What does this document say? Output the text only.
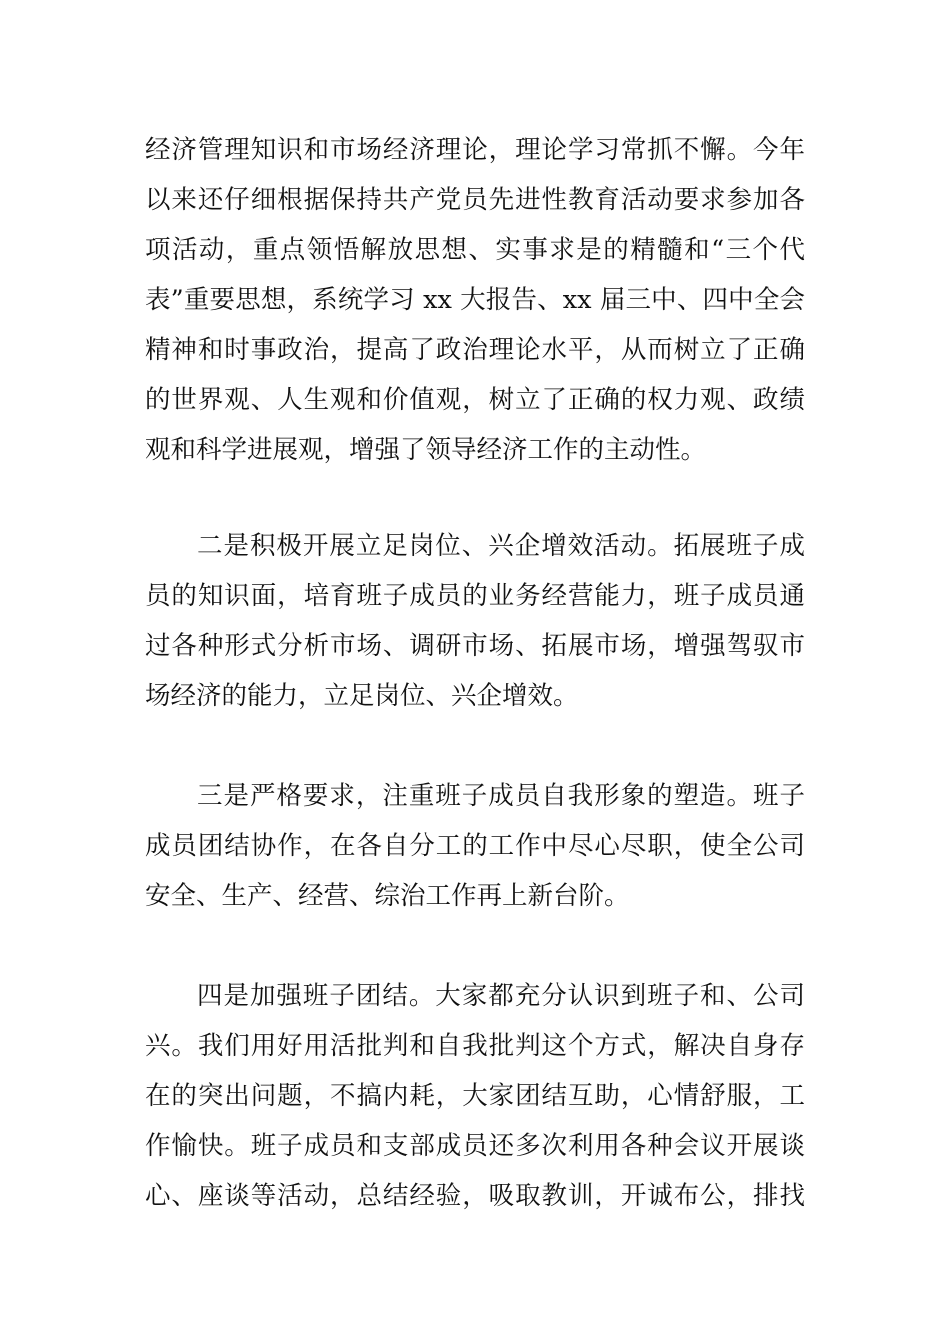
经济管理知识和市场经济理论，理论学习常抓不懈。今年
以来还仔细根据保持共产党员先进性教育活动要求参加各
项活动，重点领悟解放思想、实事求是的精髓和“三个代
表”重要思想，系统学习 xx 大报告、xx 届三中、四中全会
精神和时事政治，提高了政治理论水平，从而树立了正确
的世界观、人生观和价值观，树立了正确的权力观、政绩
观和科学进展观，增强了领导经济工作的主动性。
二是积极开展立足岗位、兴企增效活动。拓展班子成
员的知识面，培育班子成员的业务经营能力，班子成员通
过各种形式分析市场、调研市场、拓展市场，增强驾驭市
场经济的能力，立足岗位、兴企增效。
三是严格要求，注重班子成员自我形象的塑造。班子
成员团结协作，在各自分工的工作中尽心尽职，使全公司
安全、生产、经营、综治工作再上新台阶。
四是加强班子团结。大家都充分认识到班子和、公司
兴。我们用好用活批判和自我批判这个方式，解决自身存
在的突出问题，不搞内耗，大家团结互助，心情舒服，工
作愉快。班子成员和支部成员还多次利用各种会议开展谈
心、座谈等活动，总结经验，吸取教训，开诚布公，排找
